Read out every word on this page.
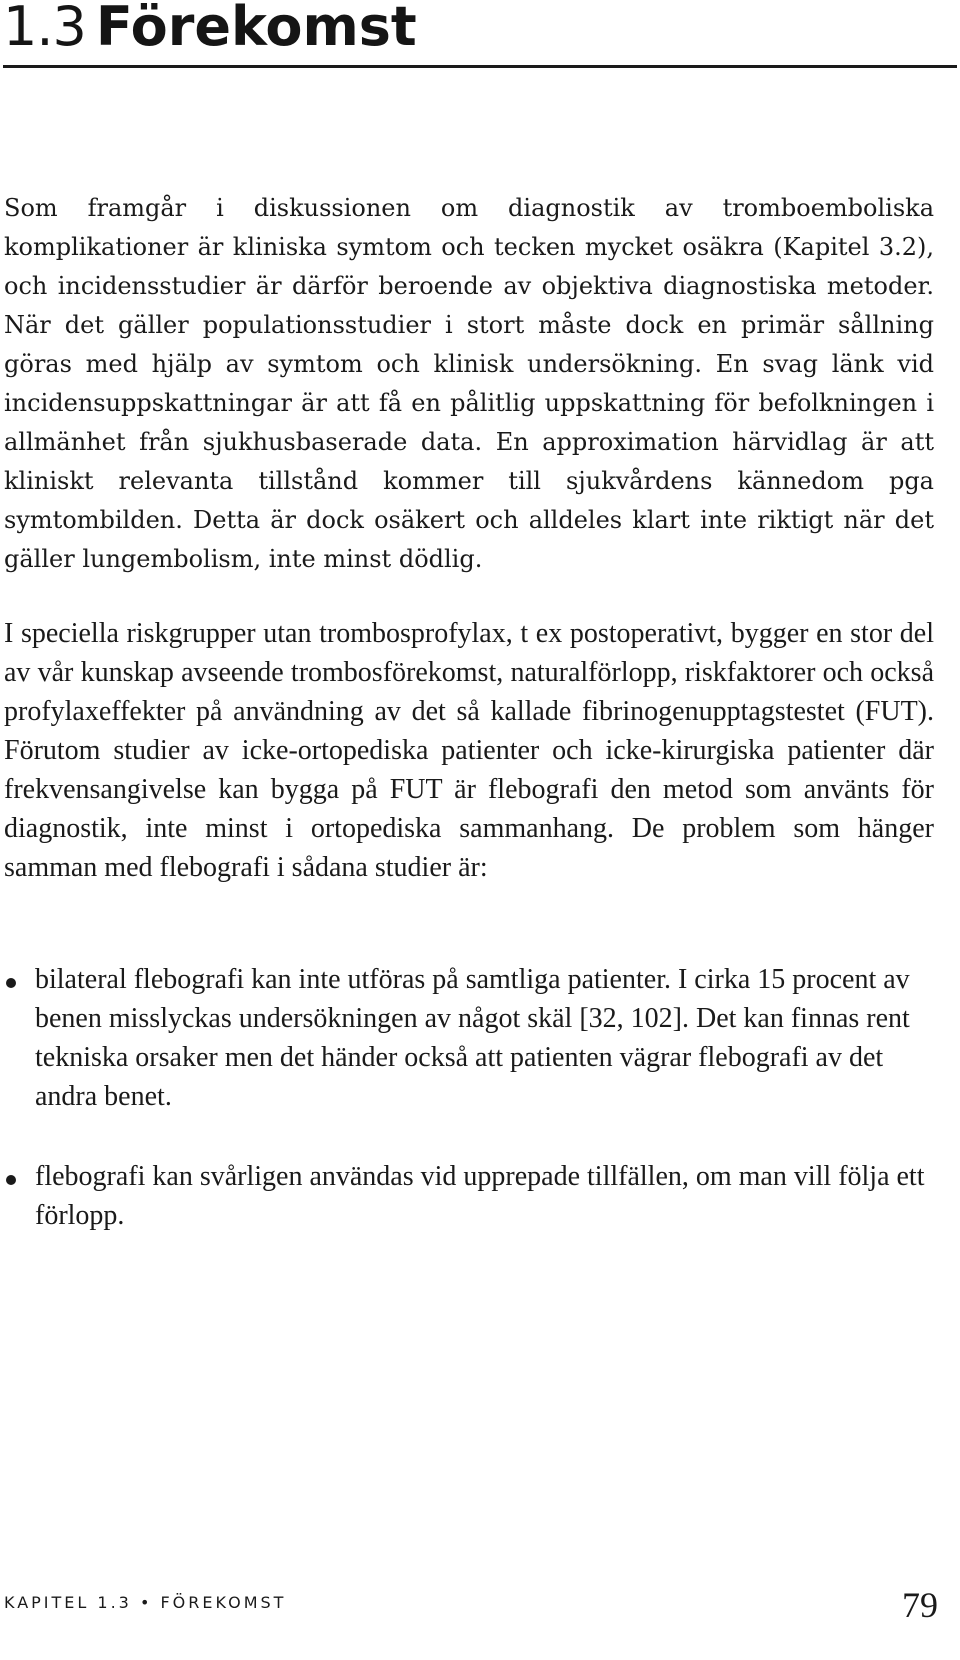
1.3 Förekomst

Som framgår i diskussionen om diagnostik av tromboemboliska komplikationer är kliniska symtom och tecken mycket osäkra (Kapitel 3.2), och incidensstudier är därför beroende av objektiva diagnostiska metoder. När det gäller populationsstudier i stort måste dock en primär sållning göras med hjälp av symtom och klinisk undersökning. En svag länk vid incidensuppskattningar är att få en pålitlig uppskattning för befolkningen i allmänhet från sjukhusbaserade data. En approximation härvidlag är att kliniskt relevanta tillstånd kommer till sjukvårdens kännedom pga symtombilden. Detta är dock osäkert och alldeles klart inte riktigt när det gäller lungembolism, inte minst dödlig.

I speciella riskgrupper utan trombosprofylax, t ex postoperativt, bygger en stor del av vår kunskap avseende trombosförekomst, naturalförlopp, riskfaktorer och också profylaxeffekter på användning av det så kallade fibrinogenupptagstestet (FUT). Förutom studier av icke-ortopediska patienter och icke-kirurgiska patienter där frekvensangivelse kan bygga på FUT är flebografi den metod som använts för diagnostik, inte minst i ortopediska sammanhang. De problem som hänger samman med flebografi i sådana studier är:

bilateral flebografi kan inte utföras på samtliga patienter. I cirka 15 procent av benen misslyckas undersökningen av något skäl [32, 102]. Det kan finnas rent tekniska orsaker men det händer också att patienten vägrar flebografi av det andra benet.

flebografi kan svårligen användas vid upprepade tillfällen, om man vill följa ett förlopp.

KAPITEL 1.3 • FÖREKOMST	79
